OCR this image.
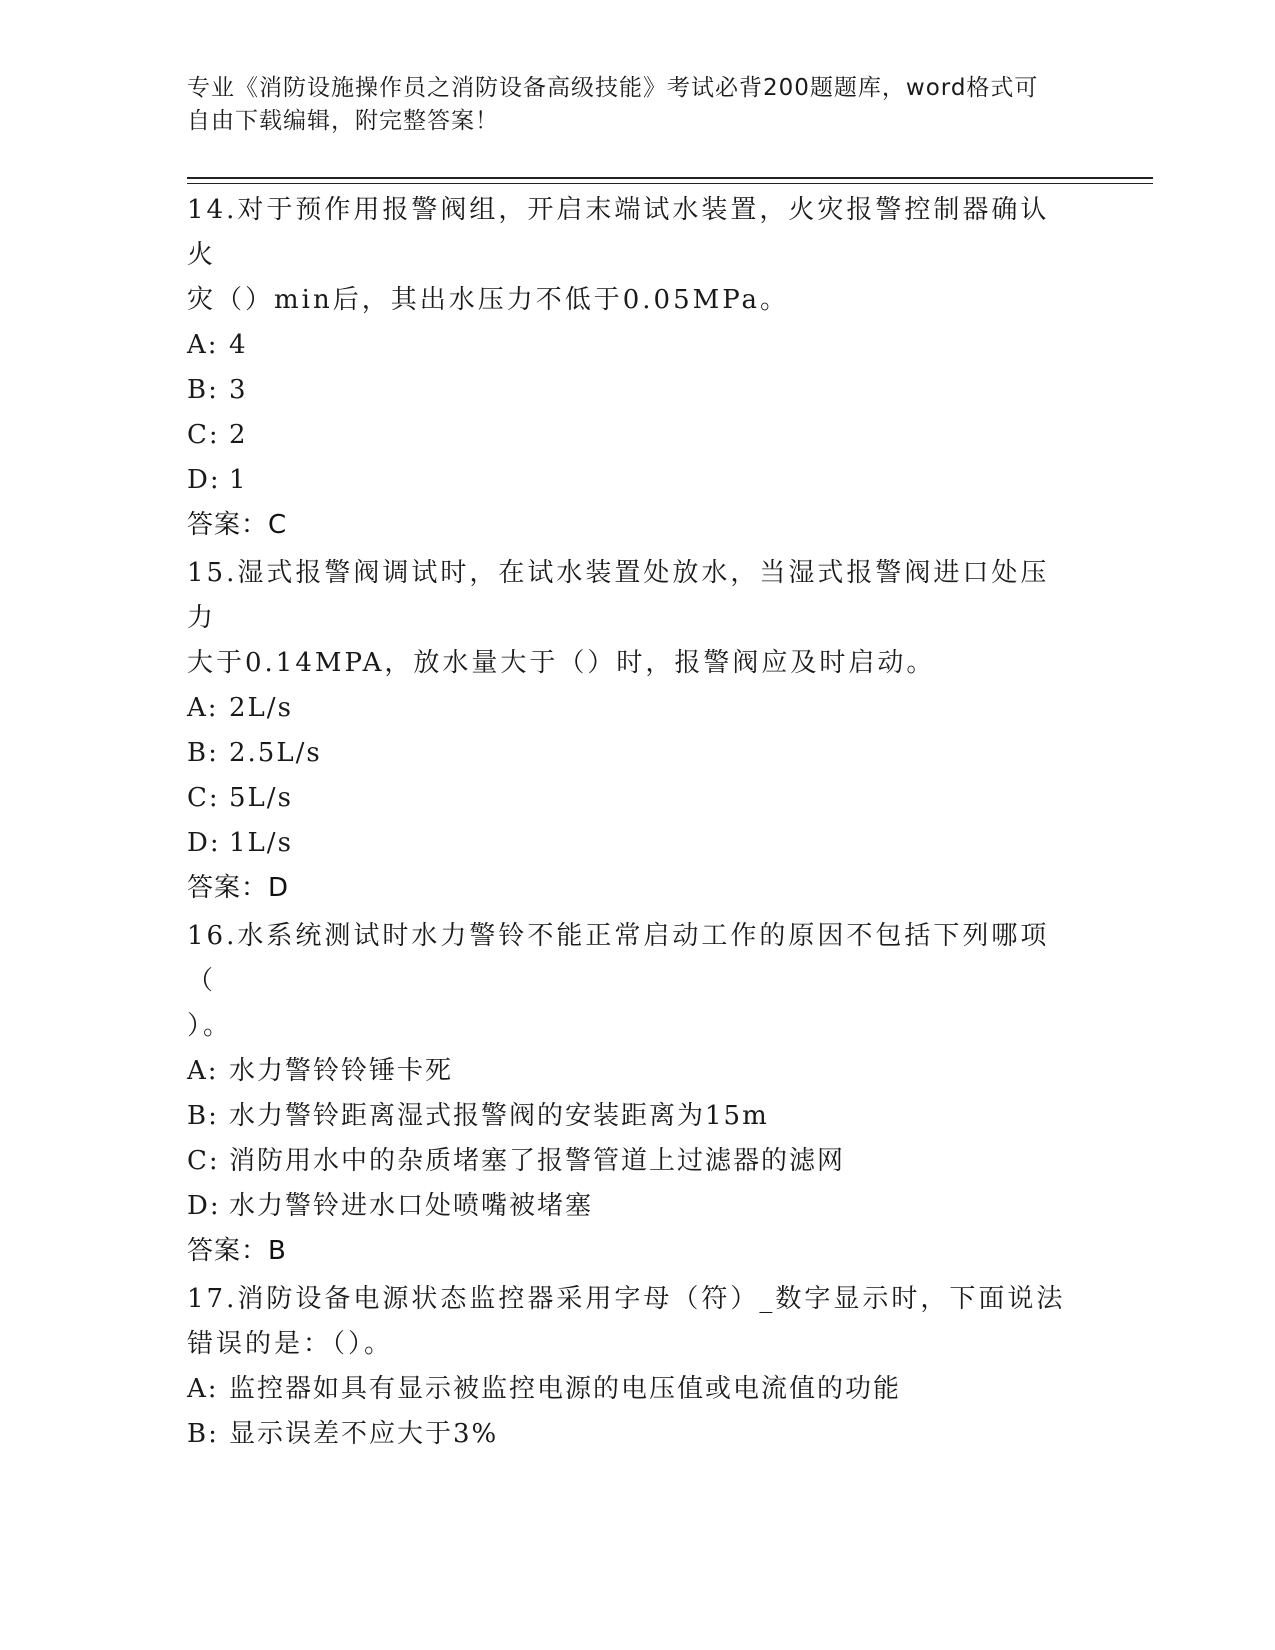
专业《消防设施操作员之消防设备高级技能》考试必背200题题库，word格式可
自由下载编辑，附完整答案！

14.对于预作用报警阀组，开启末端试水装置，火灾报警控制器确认火

灾（）min后，其出水压力不低于0.05MPa。

A: 4

B: 3

C: 2

D: 1

答案：C

15.湿式报警阀调试时，在试水装置处放水，当湿式报警阀进口处压力

大于0.14MPA，放水量大于（）时，报警阀应及时启动。

A: 2L/s

B: 2.5L/s

C: 5L/s

D: 1L/s

答案：D

16.水系统测试时水力警铃不能正常启动工作的原因不包括下列哪项（

）。

A: 水力警铃铃锤卡死

B: 水力警铃距离湿式报警阀的安装距离为15m

C: 消防用水中的杂质堵塞了报警管道上过滤器的滤网

D: 水力警铃进水口处喷嘴被堵塞

答案：B

17.消防设备电源状态监控器采用字母（符）_数字显示时，下面说法

错误的是：（）。

A: 监控器如具有显示被监控电源的电压值或电流值的功能

B: 显示误差不应大于3%
